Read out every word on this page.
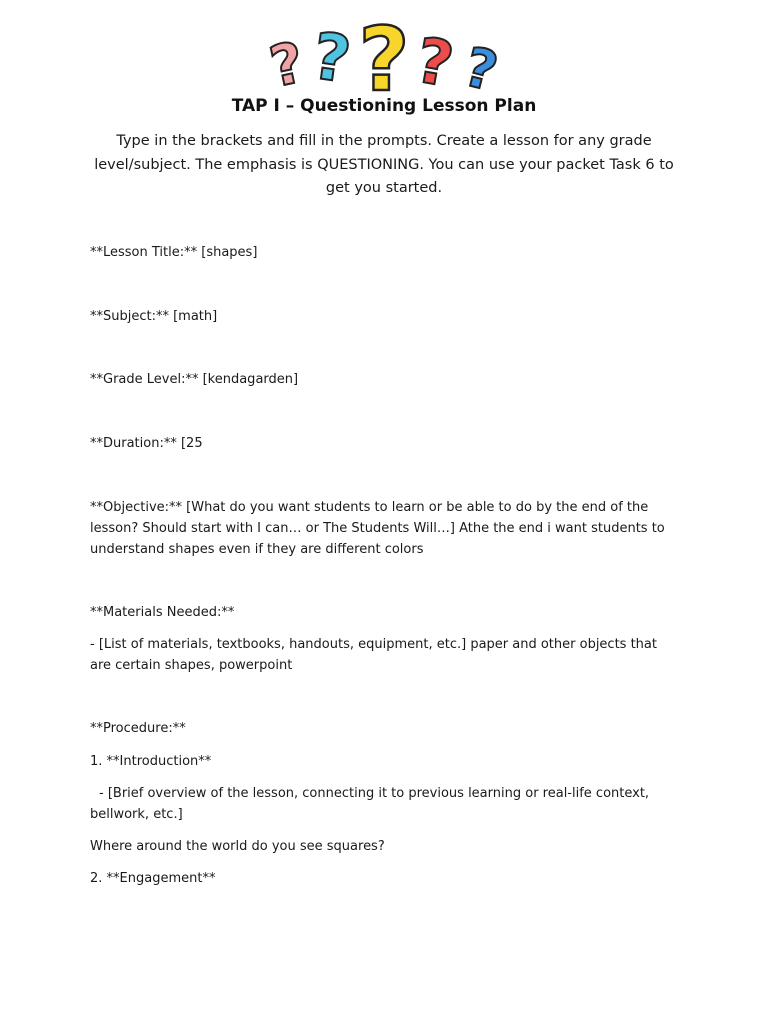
?
? ? ? ?
TAP I – Questioning Lesson Plan
Type in the brackets and fill in the prompts. Create a lesson for any grade level/subject. The emphasis is QUESTIONING. You can use your packet Task 6 to get you started.
**Lesson Title:** [shapes]
**Subject:** [math]
**Grade Level:** [kendagarden]
**Duration:** [25
**Objective:** [What do you want students to learn or be able to do by the end of the lesson? Should start with I can… or The Students Will…] Athe the end i want students to understand shapes even if they are different colors
**Materials Needed:**
- [List of materials, textbooks, handouts, equipment, etc.] paper and other objects that are certain shapes, powerpoint
**Procedure:**
1. **Introduction**
- [Brief overview of the lesson, connecting it to previous learning or real-life context, bellwork, etc.]
Where around the world do you see squares?
2. **Engagement**
